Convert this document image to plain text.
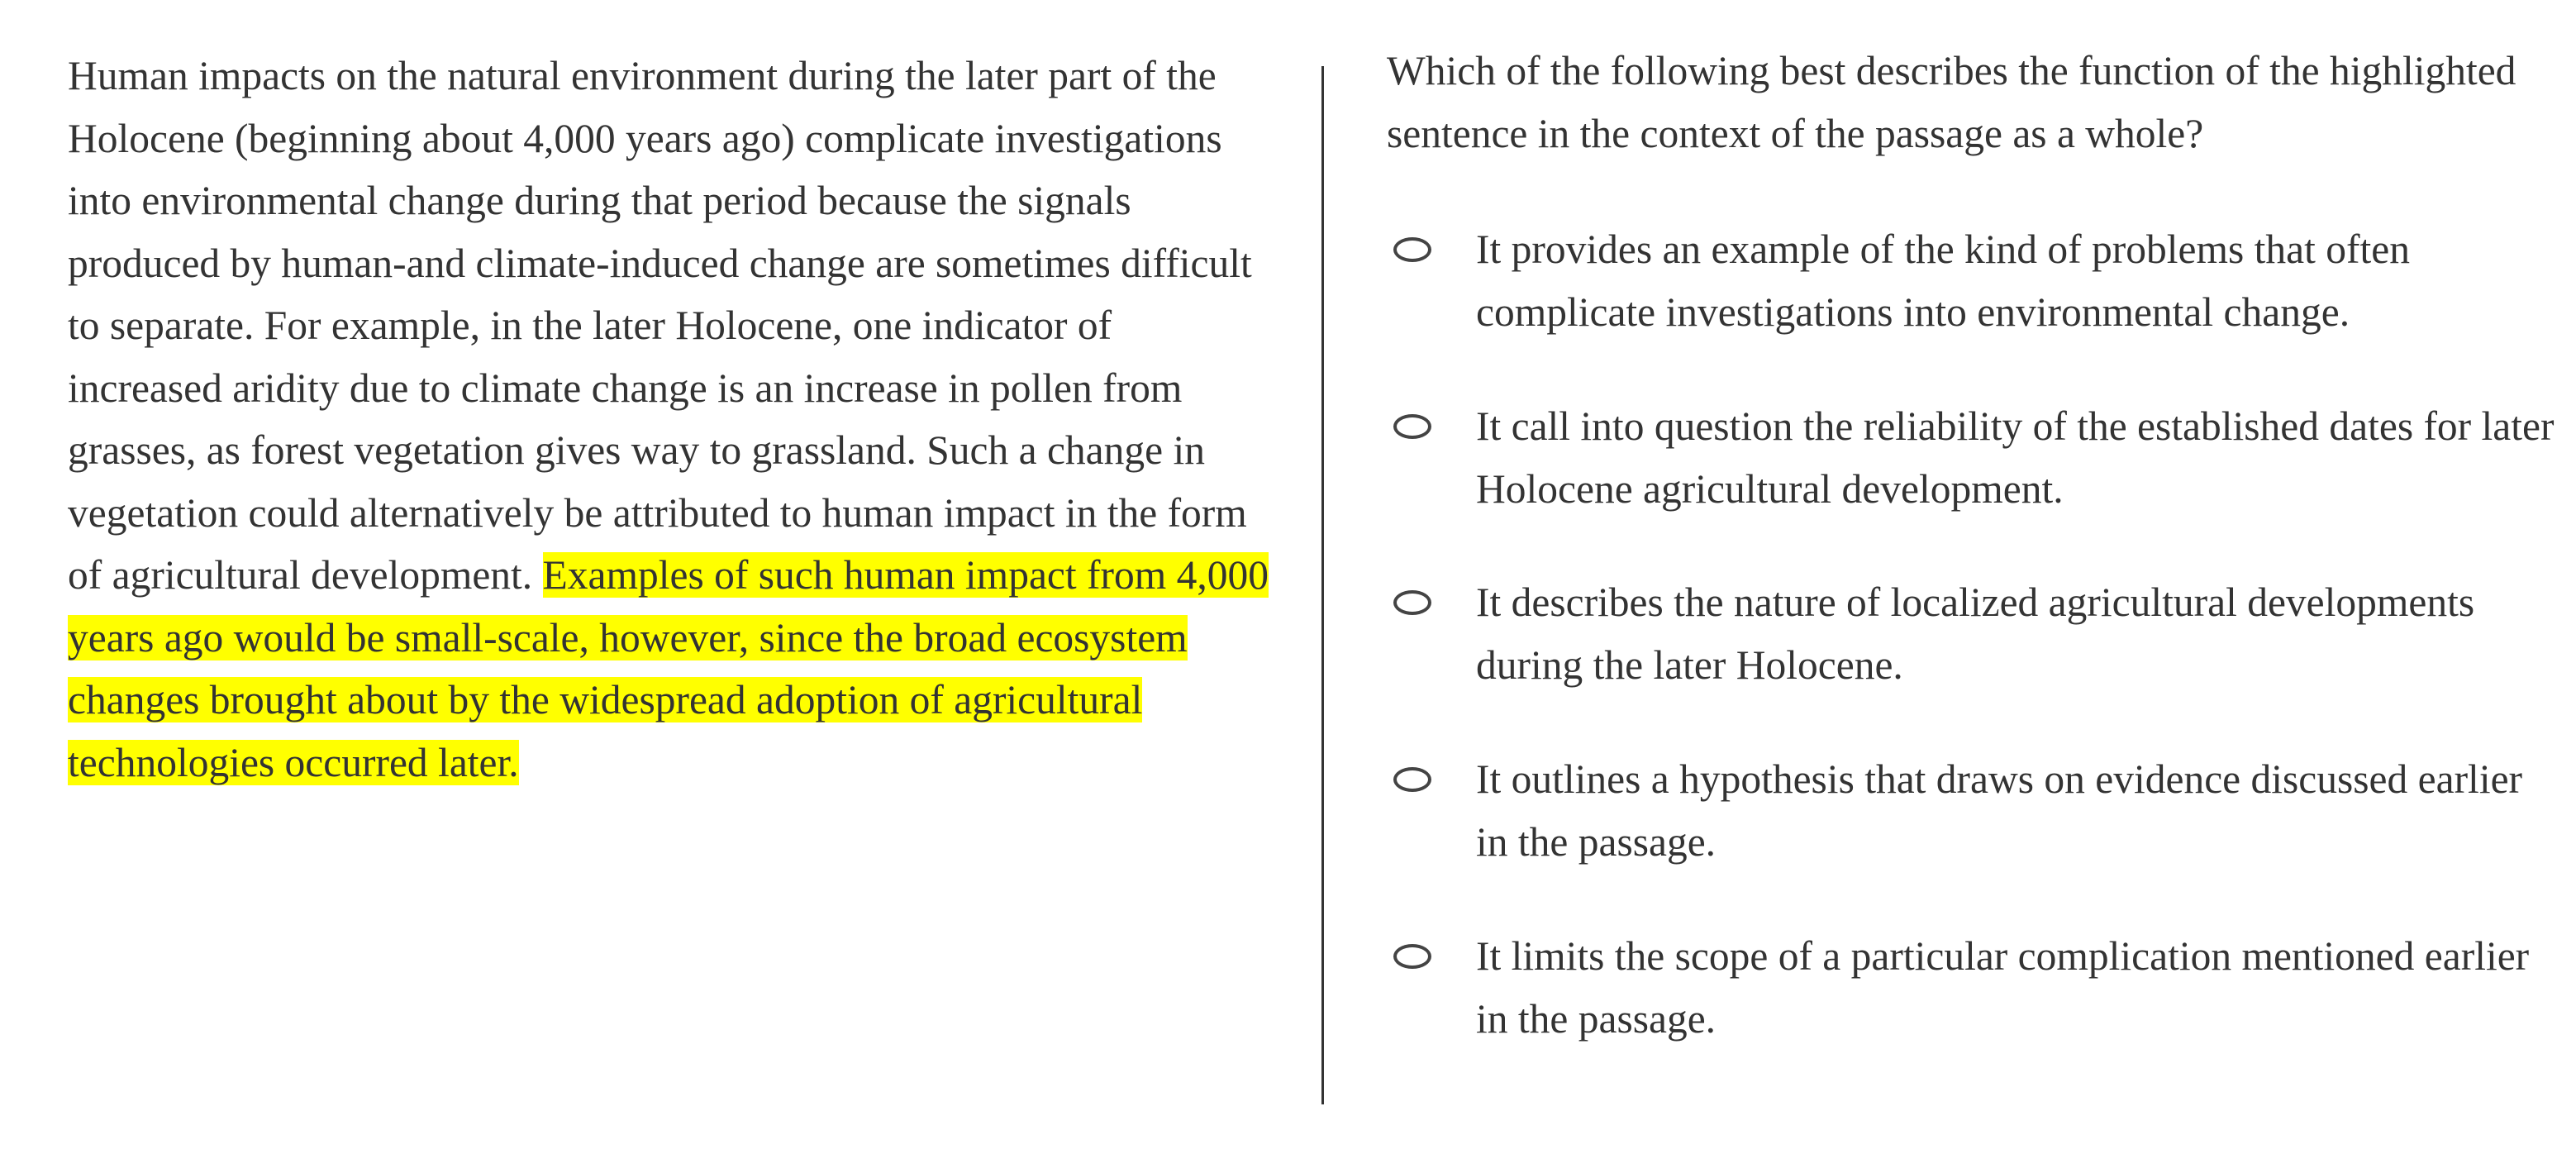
Human impacts on the natural environment during the later part of the Holocene (beginning about 4,000 years ago) complicate investigations into environmental change during that period because the signals produced by human-and climate-induced change are sometimes difficult to separate. For example, in the later Holocene, one indicator of increased aridity due to climate change is an increase in pollen from grasses, as forest vegetation gives way to grassland. Such a change in vegetation could alternatively be attributed to human impact in the form of agricultural development. Examples of such human impact from 4,000 years ago would be small-scale, however, since the broad ecosystem changes brought about by the widespread adoption of agricultural technologies occurred later.

Which of the following best describes the function of the highlighted sentence in the context of the passage as a whole?

It provides an example of the kind of problems that often complicate investigations into environmental change.
It call into question the reliability of the established dates for later Holocene agricultural development.
It describes the nature of localized agricultural developments during the later Holocene.
It outlines a hypothesis that draws on evidence discussed earlier in the passage.
It limits the scope of a particular complication mentioned earlier in the passage.
